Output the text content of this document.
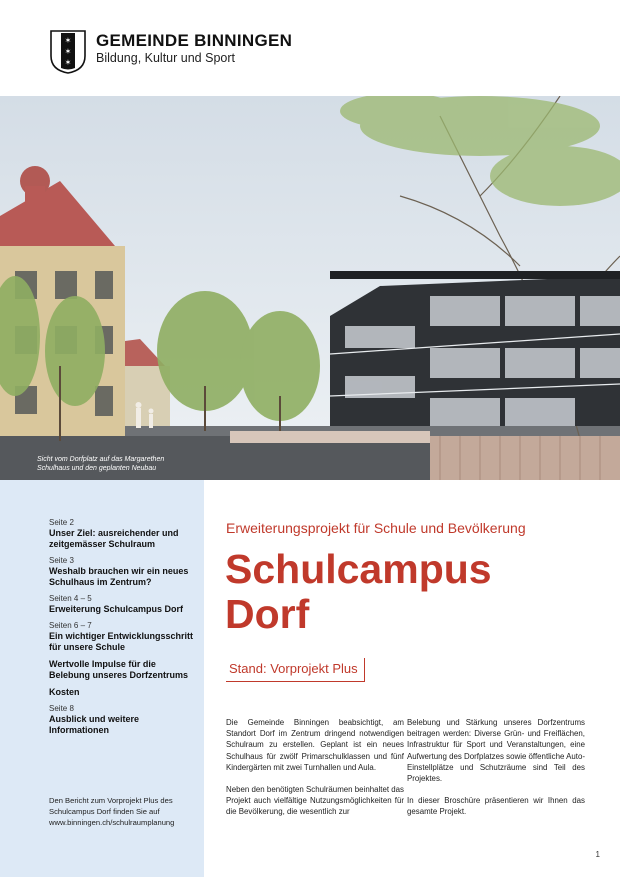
✶
✶
✶
GEMEINDE BINNINGEN
Bildung, Kultur und Sport
Sicht vom Dorfplatz auf das Margarethen
Schulhaus und den geplanten Neubau
Seite 2
Unser Ziel: ausreichender und zeitgemässer Schulraum
Seite 3
Weshalb brauchen wir ein neues Schulhaus im Zentrum?
Seiten 4 – 5
Erweiterung Schulcampus Dorf
Seiten 6 – 7
Ein wichtiger Entwicklungsschritt für unsere Schule
Wertvolle Impulse für die Belebung unseres Dorfzentrums
Kosten
Seite 8
Ausblick und weitere Informationen
Den Bericht zum Vorprojekt Plus des Schulcampus Dorf finden Sie auf www.binningen.ch/schulraumplanung
Erweiterungsprojekt für Schule und Bevölkerung
Schulcampus Dorf
Stand: Vorprojekt Plus

Die Gemeinde Binningen beabsichtigt, am Standort Dorf im Zentrum dringend notwendigen Schulraum zu erstellen. Geplant ist ein neues Schulhaus für zwölf Primarschulklassen und fünf Kindergärten mit zwei Turnhallen und Aula.

Neben den benötigten Schulräumen beinhaltet das Projekt auch vielfältige Nutzungsmöglichkeiten für die Bevölkerung, die wesentlich zur

Belebung und Stärkung unseres Dorfzentrums beitragen werden: Diverse Grün- und Freiflächen, Infrastruktur für Sport und Veranstaltungen, eine Aufwertung des Dorfplatzes sowie öffentliche Auto-Einstellplätze und Schutzräume sind Teil des Projektes.

In dieser Broschüre präsentieren wir Ihnen das gesamte Projekt.

1
